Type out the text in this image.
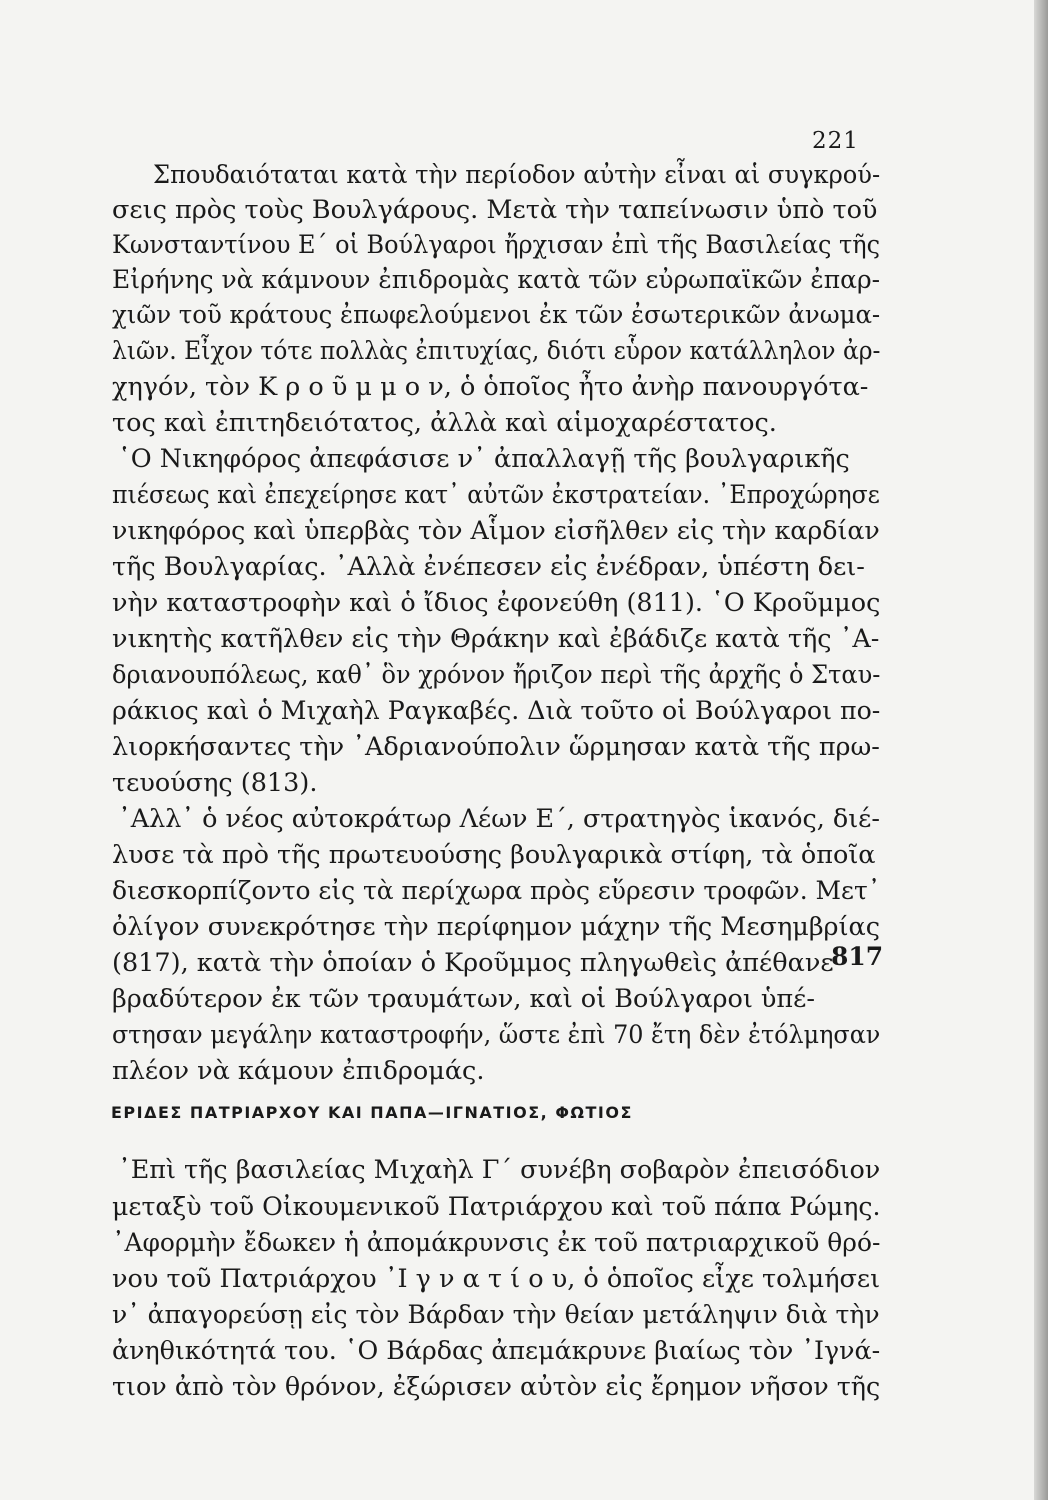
221
Σπουδαιόταται κατὰ τὴν περίοδον αὐτὴν εἶναι αἱ συγκρού-
σεις πρὸς τοὺς Βουλγάρους. Μετὰ τὴν ταπείνωσιν ὑπὸ τοῦ
Κωνσταντίνου Ε΄ οἱ Βούλγαροι ἤρχισαν ἐπὶ τῆς Βασιλείας τῆς
Εἰρήνης νὰ κάμνουν ἐπιδρομὰς κατὰ τῶν εὐρωπαϊκῶν ἐπαρ-
χιῶν τοῦ κράτους ἐπωφελούμενοι ἐκ τῶν ἐσωτερικῶν ἀνωμα-
λιῶν. Εἶχον τότε πολλὰς ἐπιτυχίας, διότι εὗρον κατάλληλον ἀρ-
χηγόν, τὸν Κ ρ ο ῦ μ μ ο ν, ὁ ὁποῖος ἦτο ἀνὴρ πανουργότα-
τος καὶ ἐπιτηδειότατος, ἀλλὰ καὶ αἱμοχαρέστατος.
῾Ο Νικηφόρος ἀπεφάσισε ν᾽ ἀπαλλαγῇ τῆς βουλγαρικῆς
πιέσεως καὶ ἐπεχείρησε κατ᾽ αὐτῶν ἐκστρατείαν. ᾽Επροχώρησε
νικηφόρος καὶ ὑπερβὰς τὸν Αἷμον εἰσῆλθεν εἰς τὴν καρδίαν
τῆς Βουλγαρίας. ᾽Αλλὰ ἐνέπεσεν εἰς ἐνέδραν, ὑπέστη δει-
νὴν καταστροφὴν καὶ ὁ ἴδιος ἐφονεύθη (811). ῾Ο Κροῦμμος
νικητὴς κατῆλθεν εἰς τὴν Θράκην καὶ ἐβάδιζε κατὰ τῆς ᾽Α-
δριανουπόλεως, καθ᾽ ὃν χρόνον ἤριζον περὶ τῆς ἀρχῆς ὁ Σταυ-
ράκιος καὶ ὁ Μιχαὴλ Ραγκαβές. Διὰ τοῦτο οἱ Βούλγαροι πο-
λιορκήσαντες τὴν ᾽Αδριανούπολιν ὥρμησαν κατὰ τῆς πρω-
τευούσης (813).
᾽Αλλ᾽ ὁ νέος αὐτοκράτωρ Λέων Ε΄, στρατηγὸς ἱκανός, διέ-
λυσε τὰ πρὸ τῆς πρωτευούσης βουλγαρικὰ στίφη, τὰ ὁποῖα
διεσκορπίζοντο εἰς τὰ περίχωρα πρὸς εὕρεσιν τροφῶν. Μετ᾽
ὀλίγον συνεκρότησε τὴν περίφημον μάχην τῆς Μεσημβρίας
(817), κατὰ τὴν ὁποίαν ὁ Κροῦμμος πληγωθεὶς ἀπέθανε
βραδύτερον ἐκ τῶν τραυμάτων, καὶ οἱ Βούλγαροι ὑπέ-
στησαν μεγάλην καταστροφήν, ὥστε ἐπὶ 70 ἔτη δὲν ἐτόλμησαν
πλέον νὰ κάμουν ἐπιδρομάς.
ΕΡΙΔΕΣ ΠΑΤΡΙΑΡΧΟΥ ΚΑΙ ΠΑΠΑ—ΙΓΝΑΤΙΟΣ, ΦΩΤΙΟΣ
᾽Επὶ τῆς βασιλείας Μιχαὴλ Γ΄ συνέβη σοβαρὸν ἐπεισόδιον
μεταξὺ τοῦ Οἰκουμενικοῦ Πατριάρχου καὶ τοῦ πάπα Ρώμης.
᾽Αφορμὴν ἔδωκεν ἡ ἀπομάκρυνσις ἐκ τοῦ πατριαρχικοῦ θρό-
νου τοῦ Πατριάρχου ᾽Ι γ ν α τ ί ο υ, ὁ ὁποῖος εἶχε τολμήσει
ν᾽ ἀπαγορεύσῃ εἰς τὸν Βάρδαν τὴν θείαν μετάληψιν διὰ τὴν
ἀνηθικότητά του. ῾Ο Βάρδας ἀπεμάκρυνε βιαίως τὸν ᾽Ιγνά-
τιον ἀπὸ τὸν θρόνον, ἐξώρισεν αὐτὸν εἰς ἔρημον νῆσον τῆς
817
